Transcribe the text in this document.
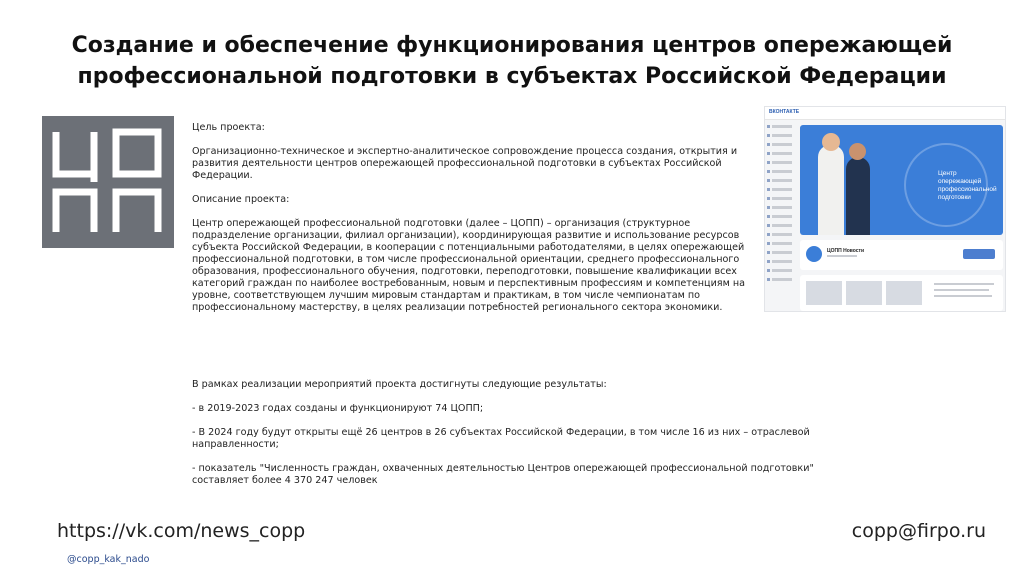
Создание и обеспечение функционирования центров опережающей
профессиональной подготовки в субъектах Российской Федерации

Цель проекта:

Организационно-техническое и экспертно-аналитическое сопровождение процесса создания, открытия и развития деятельности центров опережающей профессиональной подготовки в субъектах Российской Федерации.

Описание проекта:

Центр опережающей профессиональной подготовки (далее – ЦОПП) – организация (структурное подразделение организации, филиал организации), координирующая развитие и использование ресурсов субъекта Российской Федерации, в кооперации с потенциальными работодателями, в целях опережающей профессиональной подготовки, в том числе профессиональной ориентации, среднего профессионального образования, профессионального обучения, подготовки, переподготовки, повышение квалификации всех категорий граждан по наиболее востребованным, новым и перспективным профессиям и компетенциям на уровне, соответствующем лучшим мировым стандартам и практикам, в том числе чемпионатам по профессиональному мастерству, в целях реализации потребностей регионального сектора экономики.

В рамках реализации мероприятий проекта достигнуты следующие результаты:

- в 2019-2023 годах созданы и функционируют 74 ЦОПП;

- В 2024 году будут открыты ещё 26 центров в 26 субъектах Российской Федерации, в том числе 16 из них – отраслевой направленности;

- показатель "Численность граждан, охваченных деятельностью Центров опережающей профессиональной подготовки" составляет более 4 370 247 человек

ВКОНТАКТЕ
Центр опережающей профессиональной подготовки
ЦОПП Новости
https://vk.com/news_copp	copp@firpo.ru
@copp_kak_nado
